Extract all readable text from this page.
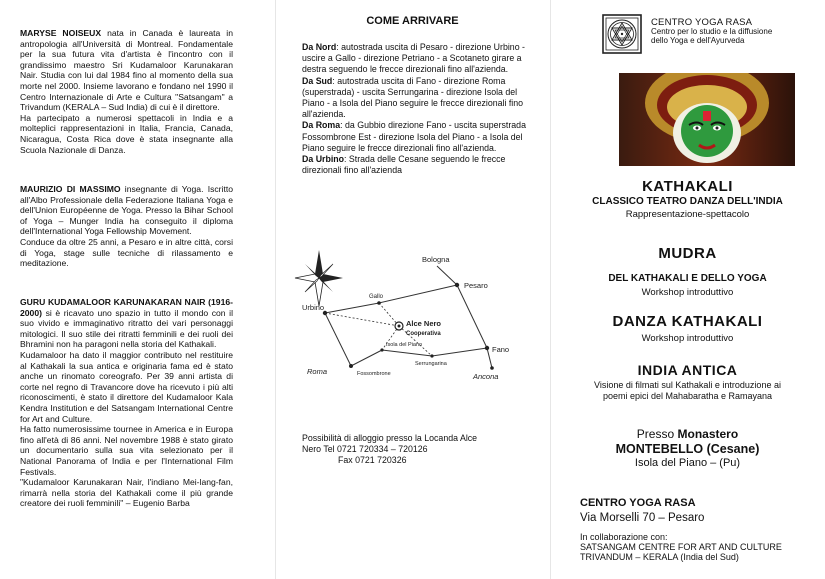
MARYSE NOISEUX nata in Canada è laureata in antropologia all'Università di Montreal. Fondamentale per la sua futura vita d'artista è l'incontro con il grandissimo maestro Sri Kudamaloor Karunakaran Nair. Studia con lui dal 1984 fino al momento della sua morte nel 2000. Insieme lavorano e fondano nel 1990 il Centro Internazionale di Arte e Cultura "Satsangam" a Trivandum (KERALA – Sud India) di cui è il direttore.

Ha partecipato a numerosi spettacoli in India e a molteplici rappresentazioni in Italia, Francia, Canada, Nicaragua, Costa Rica dove è stata insegnante alla Scuola Nazionale di Danza.

MAURIZIO DI MASSIMO insegnante di Yoga. Iscritto all'Albo Professionale della Federazione Italiana Yoga e dell'Union Européenne de Yoga. Presso la Bihar School of Yoga – Munger India ha conseguito il diploma dell'International Yoga Fellowship Movement.

Conduce da oltre 25 anni, a Pesaro e in altre città, corsi di Yoga, stage sulle tecniche di rilassamento e meditazione.

GURU KUDAMALOOR KARUNAKARAN NAIR (1916-2000) si è ricavato uno spazio in tutto il mondo con il suo vivido e immaginativo ritratto dei vari personaggi mitologici. Il suo stile dei ritratti femminili e dei ruoli dei Bhramini non ha paragoni nella storia del Kathakali.

Kudamaloor ha dato il maggior contributo nel restituire al Kathakali la sua antica e originaria fama ed è stato anche un rinomato coreografo. Per 39 anni artista di corte nel regno di Travancore dove ha ricevuto i più alti riconoscimenti, è stato il direttore del Kudamaloor Kala Kendra Institution e del Satsangam International Centre for Art and Culture.

Ha fatto numerosissime tournee in America e in Europa fino all'età di 86 anni. Nel novembre 1988 è stato girato un documentario sulla sua vita selezionato per il National Panorama of India e per l'International Film Festivals.

"Kudamaloor Karunakaran Nair, l'indiano Mei-lang-fan, rimarrà nella storia del Kathakali come il più grande creatore dei ruoli femminili" – Eugenio Barba

COME ARRIVARE

Da Nord: autostrada uscita di Pesaro - direzione Urbino - uscire a Gallo - direzione Petriano - a Scotaneto girare a destra seguendo le frecce direzionali fino all'azienda.

Da Sud: autostrada uscita di Fano - direzione Roma (superstrada) - uscita Serrungarina - direzione Isola del Piano - a Isola del Piano seguire le frecce direzionali fino all'azienda.

Da Roma: da Gubbio direzione Fano - uscita superstrada Fossombrone Est - direzione Isola del Piano - a Isola del Piano seguire le frecce direzionali fino all'azienda.

Da Urbino: Strada delle Cesane seguendo le frecce direzionali fino all'azienda

Bologna
Pesaro
Gallo
Urbino
Alce Nero
Cooperativa
Isola del Piano	Fano
Serrungarina
Roma	Fossombrone	Ancona
Possibilità di alloggio presso la Locanda Alce
Nero Tel 0721 720334 – 720126
Fax 0721 720326
CENTRO YOGA RASA
Centro per lo studio e la diffusione
dello Yoga e dell'Ayurveda
KATHAKALI
CLASSICO TEATRO DANZA DELL'INDIA
Rappresentazione-spettacolo
MUDRA
DEL KATHAKALI E DELLO YOGA
Workshop introduttivo
DANZA KATHAKALI
Workshop introduttivo
INDIA ANTICA
Visione di filmati sul Kathakali e introduzione ai
poemi epici del Mahabaratha e Ramayana
Presso Monastero
MONTEBELLO (Cesane)
Isola del Piano – (Pu)
CENTRO YOGA RASA
Via Morselli 70 – Pesaro
In collaborazione con:
SATSANGAM CENTRE FOR ART AND CULTURE
TRIVANDUM – KERALA (India del Sud)
